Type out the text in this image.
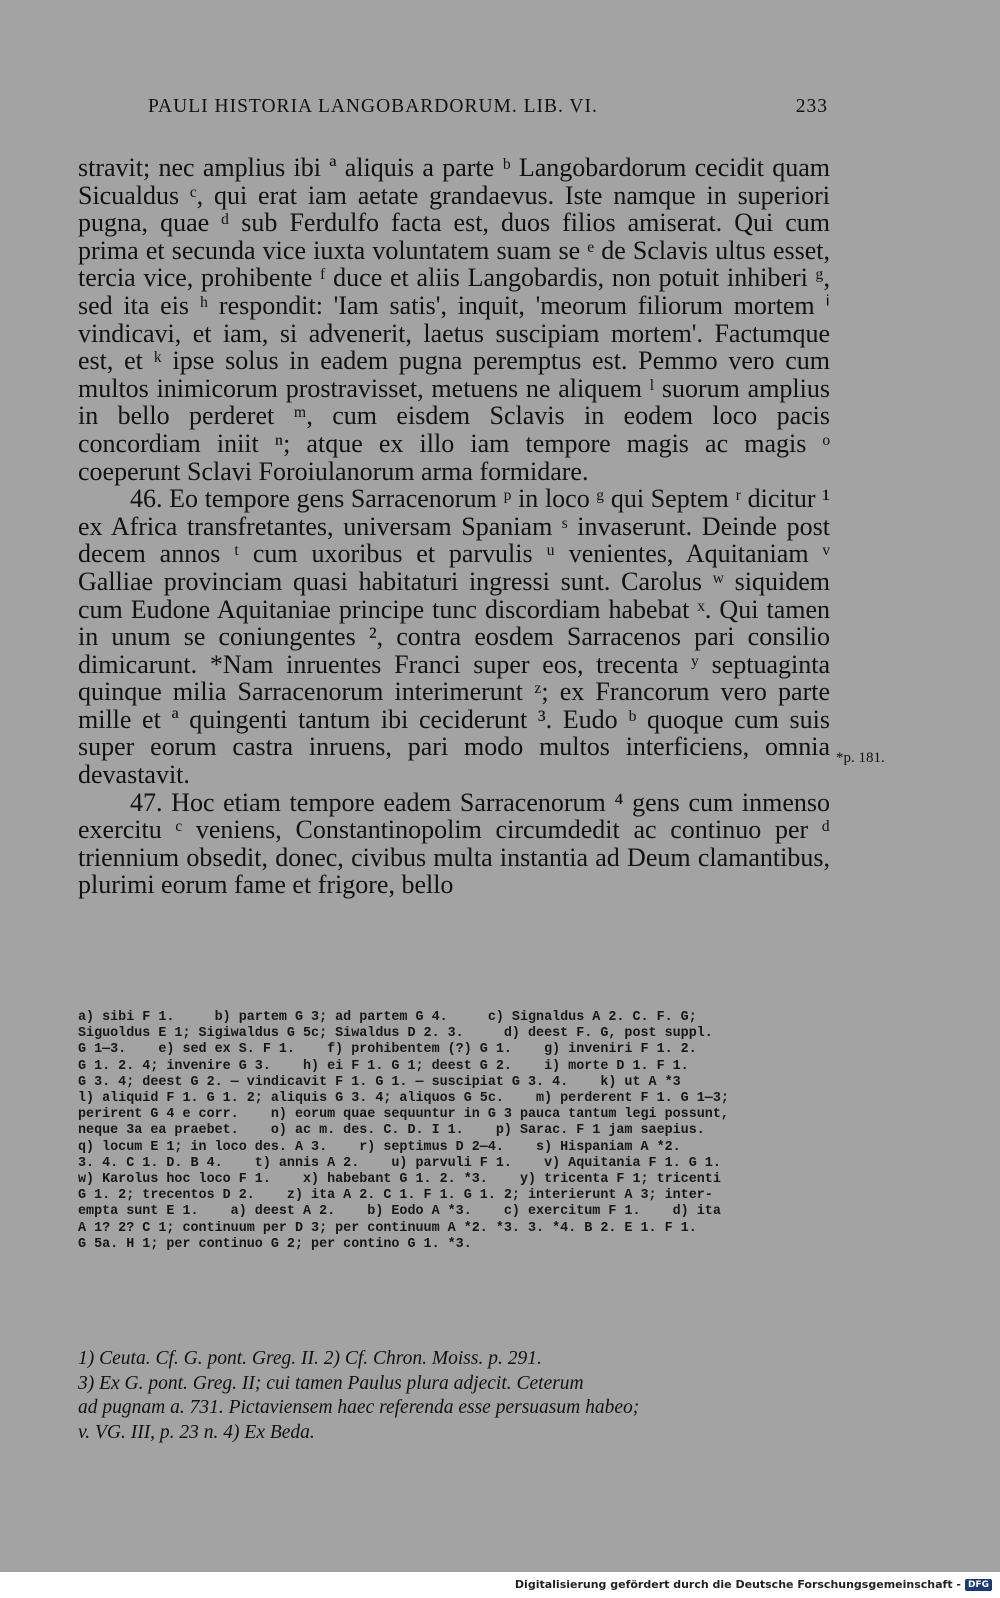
PAULI HISTORIA LANGOBARDORUM. LIB. VI.	233

stravit; nec amplius ibi ª aliquis a parte ᵇ Langobardorum cecidit quam Sicualdus ᶜ, qui erat iam aetate grandaevus. Iste namque in superiori pugna, quae ᵈ sub Ferdulfo facta est, duos filios amiserat. Qui cum prima et secunda vice iuxta voluntatem suam se ᵉ de Sclavis ultus esset, tercia vice, prohibente ᶠ duce et aliis Langobardis, non potuit inhiberi ᵍ, sed ita eis ʰ respondit: 'Iam satis', inquit, 'meorum filiorum mortem ⁱ vindicavi, et iam, si advenerit, laetus suscipiam mortem'. Factumque est, et ᵏ ipse solus in eadem pugna peremptus est. Pemmo vero cum multos inimicorum prostravisset, metuens ne aliquem ˡ suorum amplius in bello perderet ᵐ, cum eisdem Sclavis in eodem loco pacis concordiam iniit ⁿ; atque ex illo iam tempore magis ac magis ᵒ coeperunt Sclavi Foroiulanorum arma formidare.

46. Eo tempore gens Sarracenorum ᵖ in loco ᵍ qui Septem ʳ dicitur ¹ ex Africa transfretantes, universam Spaniam ˢ invaserunt. Deinde post decem annos ᵗ cum uxoribus et parvulis ᵘ venientes, Aquitaniam ᵛ Galliae provinciam quasi habitaturi ingressi sunt. Carolus ʷ siquidem cum Eudone Aquitaniae principe tunc discordiam habebat ˣ. Qui tamen in unum se coniungentes ², contra eosdem Sarracenos pari consilio dimicarunt. *Nam inruentes Franci super eos, trecenta ʸ septuaginta quinque milia Sarracenorum interimerunt ᶻ; ex Francorum vero parte mille et ª quingenti tantum ibi ceciderunt ³. Eudo ᵇ quoque cum suis super eorum castra inruens, pari modo multos interficiens, omnia devastavit.

47. Hoc etiam tempore eadem Sarracenorum ⁴ gens cum inmenso exercitu ᶜ veniens, Constantinopolim circumdedit ac continuo per ᵈ triennium obsedit, donec, civibus multa instantia ad Deum clamantibus, plurimi eorum fame et frigore, bello

*p. 181.
a) sibi F 1.     b) partem G 3; ad partem G 4.     c) Signaldus A 2. C. F. G;
Siguoldus E 1; Sigiwaldus G 5c; Siwaldus D 2. 3.     d) deest F. G, post suppl.
G 1—3.    e) sed ex S. F 1.    f) prohibentem (?) G 1.    g) inveniri F 1. 2.
G 1. 2. 4; invenire G 3.    h) ei F 1. G 1; deest G 2.    i) morte D 1. F 1.
G 3. 4; deest G 2. — vindicavit F 1. G 1. — suscipiat G 3. 4.    k) ut A *3
l) aliquid F 1. G 1. 2; aliquis G 3. 4; aliquos G 5c.    m) perderent F 1. G 1—3;
perirent G 4 e corr.    n) eorum quae sequuntur in G 3 pauca tantum legi possunt,
neque 3a ea praebet.    o) ac m. des. C. D. I 1.    p) Sarac. F 1 jam saepius.
q) locum E 1; in loco des. A 3.    r) septimus D 2—4.    s) Hispaniam A *2.
3. 4. C 1. D. B 4.    t) annis A 2.    u) parvuli F 1.    v) Aquitania F 1. G 1.
w) Karolus hoc loco F 1.    x) habebant G 1. 2. *3.    y) tricenta F 1; tricenti
G 1. 2; trecentos D 2.    z) ita A 2. C 1. F 1. G 1. 2; interierunt A 3; inter-
empta sunt E 1.    a) deest A 2.    b) Eodo A *3.    c) exercitum F 1.    d) ita
A 1? 2? C 1; continuum per D 3; per continuum A *2. *3. 3. *4. B 2. E 1. F 1.
G 5a. H 1; per continuo G 2; per contino G 1. *3.

1) Ceuta. Cf. G. pont. Greg. II. 2) Cf. Chron. Moiss. p. 291.

3) Ex G. pont. Greg. II; cui tamen Paulus plura adjecit. Ceterum

ad pugnam a. 731. Pictaviensem haec referenda esse persuasum habeo;

v. VG. III, p. 23 n. 4) Ex Beda.

Digitalisierung gefördert durch die Deutsche Forschungsgemeinschaft - DFG
